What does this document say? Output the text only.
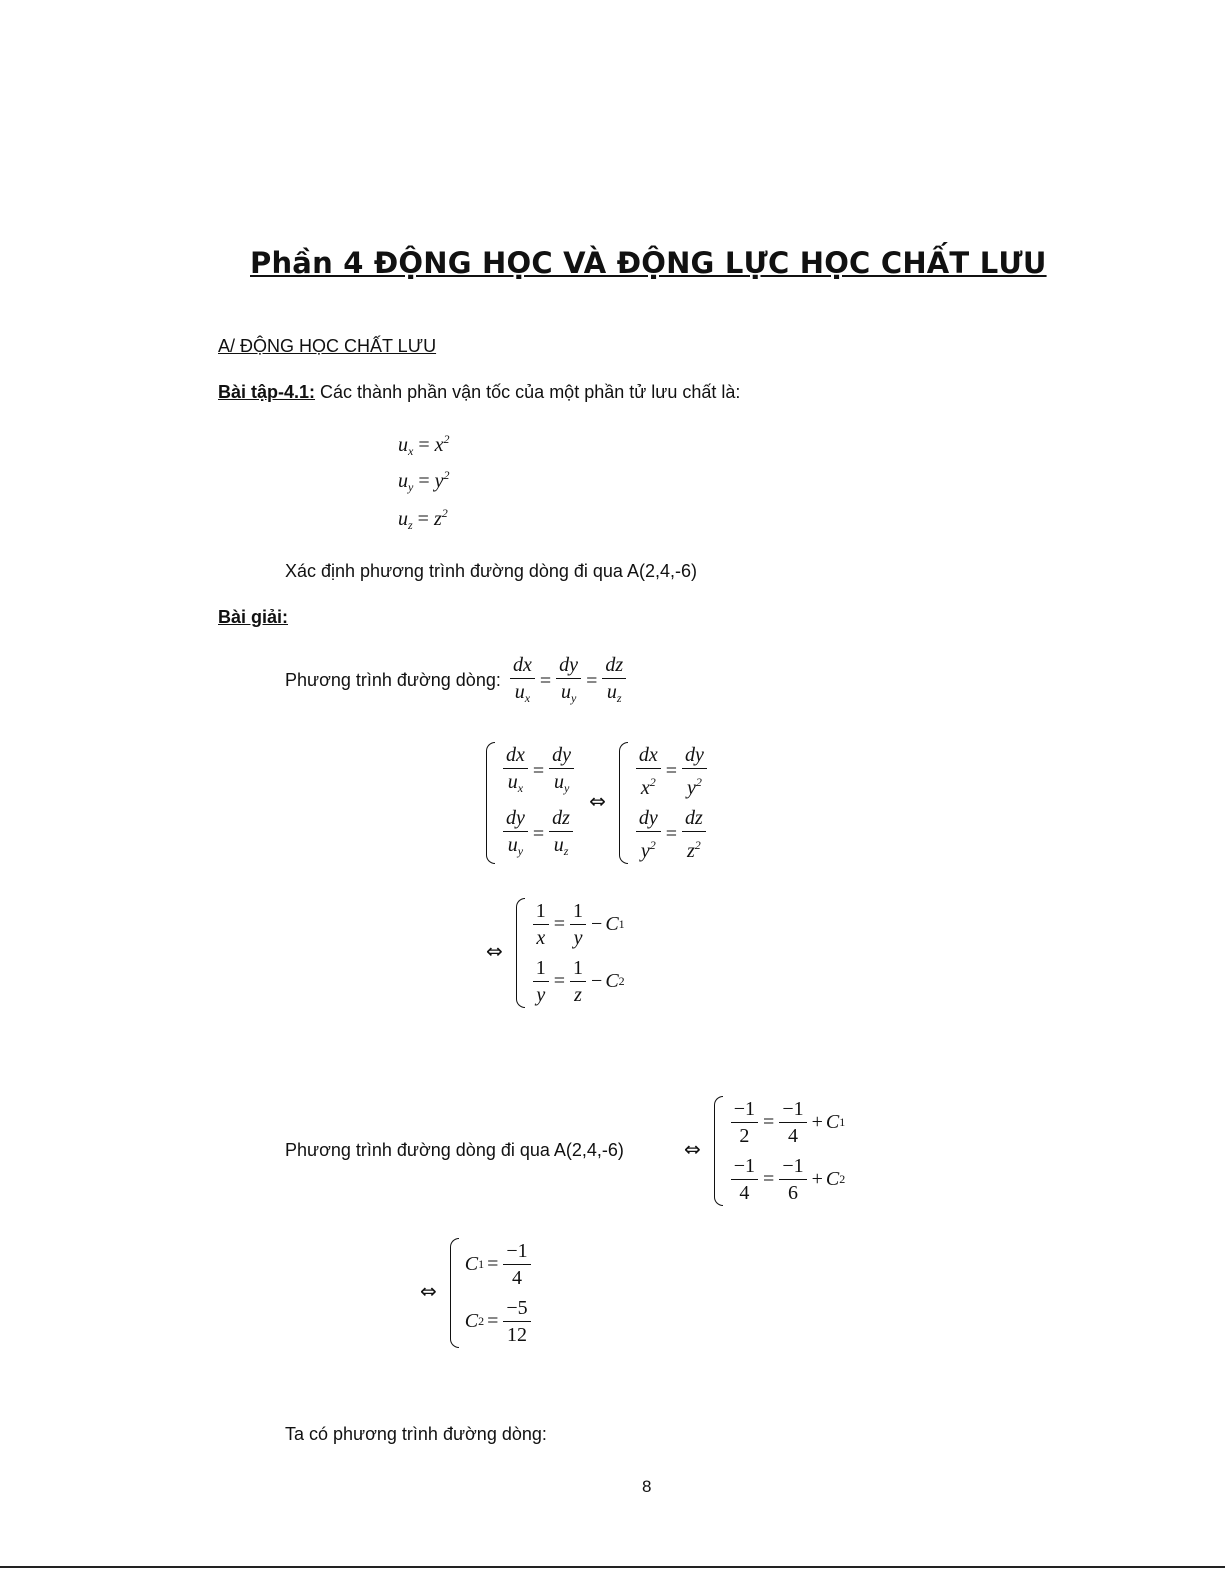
Phần 4 ĐỘNG HỌC VÀ ĐỘNG LỰC HỌC CHẤT LƯU
A/ ĐỘNG HỌC CHẤT LƯU
Bài tập-4.1: Các thành phần vận tốc của một phần tử lưu chất là:
$u_x = x^2$
$u_y = y^2$
$u_z = z^2$
Xác định phương trình đường dòng đi qua A(2,4,-6)
Bài giải:
Phương trình đường dòng: $\frac{dx}{u_x} = \frac{dy}{u_y} = \frac{dz}{u_z}$
$\frac{dx}{u_x} = \frac{dy}{u_y}$
$\frac{dy}{u_y} = \frac{dz}{u_z}$
⇔ $\frac{dx}{x^2} = \frac{dy}{y^2}$
$\frac{dy}{y^2} = \frac{dz}{z^2}$
⇔ $\frac{1}{x} = \frac{1}{y} - C$ 1
$\frac{1}{y} = \frac{1}{z} - C$ 2
Phương trình đường dòng đi qua A(2,4,-6)	⇔ $\frac{-1}{2} = \frac{-1}{4} + C$ 1
$\frac{-1}{4} = \frac{-1}{6} + C$ 2
⇔
C $1 = \frac{-1}{4}$
C $2 = \frac{-5}{12}$
Ta có phương trình đường dòng:
8
